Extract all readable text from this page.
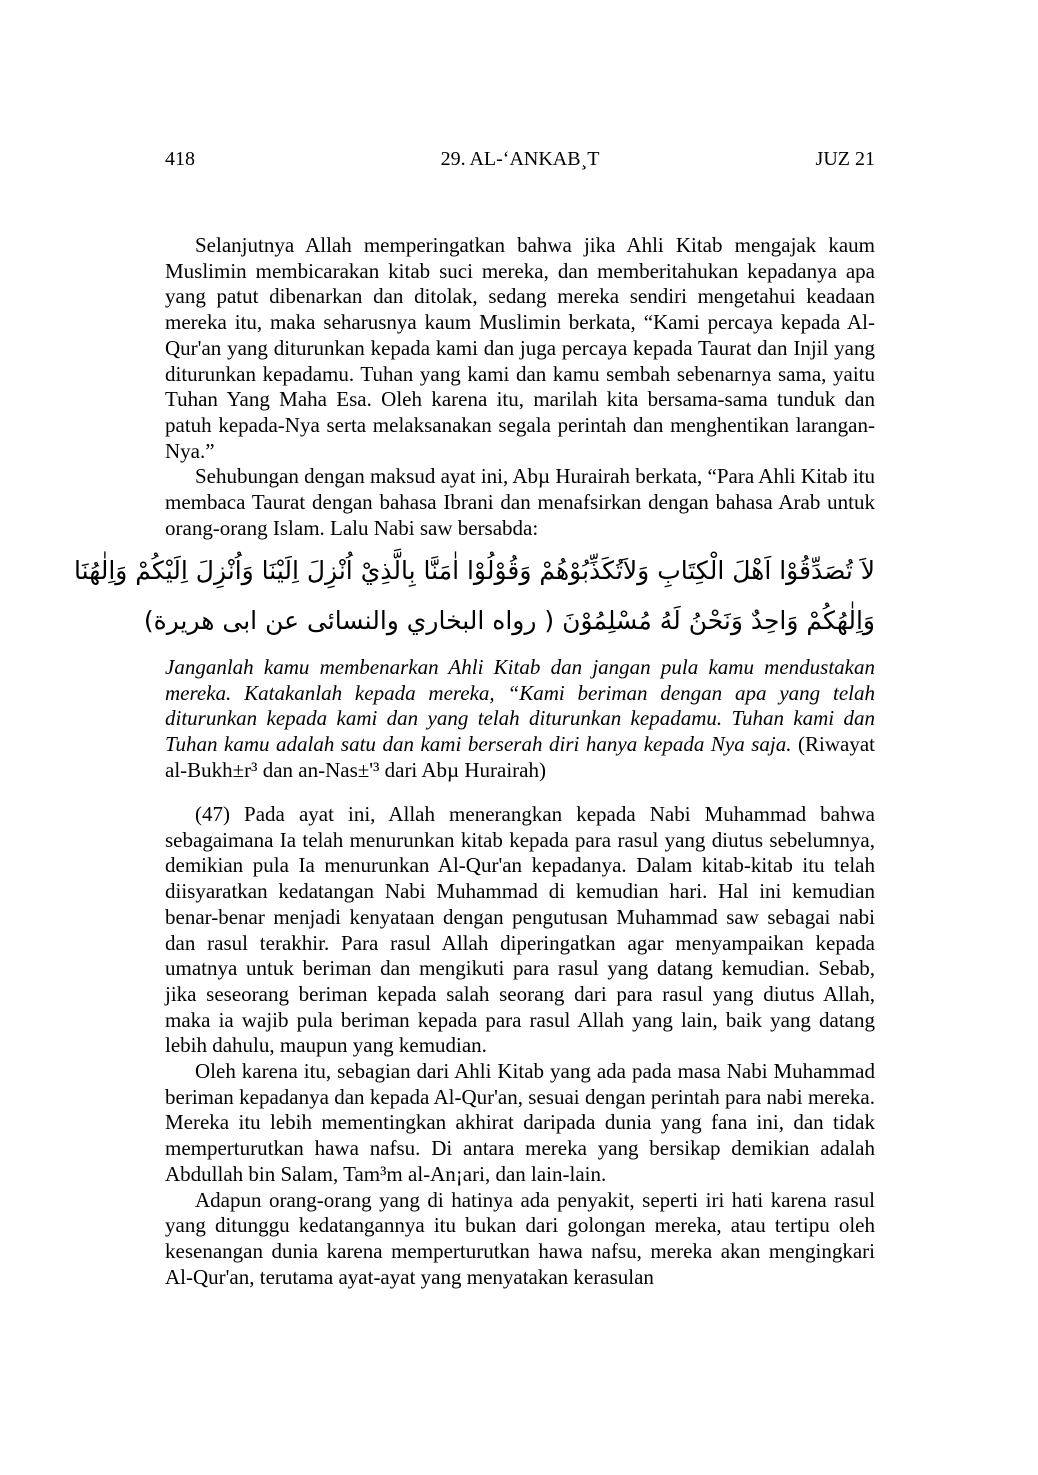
418	29. AL-‘ANKAB¸T	JUZ 21

Selanjutnya Allah memperingatkan bahwa jika Ahli Kitab mengajak kaum Muslimin membicarakan kitab suci mereka, dan memberitahukan kepadanya apa yang patut dibenarkan dan ditolak, sedang mereka sendiri mengetahui keadaan mereka itu, maka seharusnya kaum Muslimin berkata, “Kami percaya kepada Al-Qur'an yang diturunkan kepada kami dan juga percaya kepada Taurat dan Injil yang diturunkan kepadamu. Tuhan yang kami dan kamu sembah sebenarnya sama, yaitu Tuhan Yang Maha Esa. Oleh karena itu, marilah kita bersama-sama tunduk dan patuh kepada-Nya serta melaksanakan segala perintah dan menghentikan larangan-Nya.”

Sehubungan dengan maksud ayat ini, Abµ Hurairah berkata, “Para Ahli Kitab itu membaca Taurat dengan bahasa Ibrani dan menafsirkan dengan bahasa Arab untuk orang-orang Islam. Lalu Nabi saw bersabda:

لاَ تُصَدِّقُوْا اَهْلَ الْكِتَابِ وَلاَتُكَذِّبُوْهُمْ وَقُوْلُوْا اٰمَنَّا بِالَّذِيْ اُنْزِلَ اِلَيْنَا وَاُنْزِلَ اِلَيْكُمْ وَاِلٰهُنَا
وَاِلٰهُكُمْ وَاحِدٌ وَنَحْنُ لَهُ مُسْلِمُوْنَ ( رواه البخاري والنسائى عن ابى هريرة)
Janganlah kamu membenarkan Ahli Kitab dan jangan pula kamu mendustakan mereka. Katakanlah kepada mereka, “Kami beriman dengan apa yang telah diturunkan kepada kami dan yang telah diturunkan kepadamu. Tuhan kami dan Tuhan kamu adalah satu dan kami berserah diri hanya kepada Nya saja. (Riwayat al-Bukh±r³ dan an-Nas±'³ dari Abµ Hurairah)

(47) Pada ayat ini, Allah menerangkan kepada Nabi Muhammad bahwa sebagaimana Ia telah menurunkan kitab kepada para rasul yang diutus sebelumnya, demikian pula Ia menurunkan Al-Qur'an kepadanya. Dalam kitab-kitab itu telah diisyaratkan kedatangan Nabi Muhammad di kemudian hari. Hal ini kemudian benar-benar menjadi kenyataan dengan pengutusan Muhammad saw sebagai nabi dan rasul terakhir. Para rasul Allah diperingatkan agar menyampaikan kepada umatnya untuk beriman dan mengikuti para rasul yang datang kemudian. Sebab, jika seseorang beriman kepada salah seorang dari para rasul yang diutus Allah, maka ia wajib pula beriman kepada para rasul Allah yang lain, baik yang datang lebih dahulu, maupun yang kemudian.

Oleh karena itu, sebagian dari Ahli Kitab yang ada pada masa Nabi Muhammad beriman kepadanya dan kepada Al-Qur'an, sesuai dengan perintah para nabi mereka. Mereka itu lebih mementingkan akhirat daripada dunia yang fana ini, dan tidak memperturutkan hawa nafsu. Di antara mereka yang bersikap demikian adalah Abdullah bin Salam, Tam³m al-An¡ari, dan lain-lain.

Adapun orang-orang yang di hatinya ada penyakit, seperti iri hati karena rasul yang ditunggu kedatangannya itu bukan dari golongan mereka, atau tertipu oleh kesenangan dunia karena memperturutkan hawa nafsu, mereka akan mengingkari Al-Qur'an, terutama ayat-ayat yang menyatakan kerasulan
